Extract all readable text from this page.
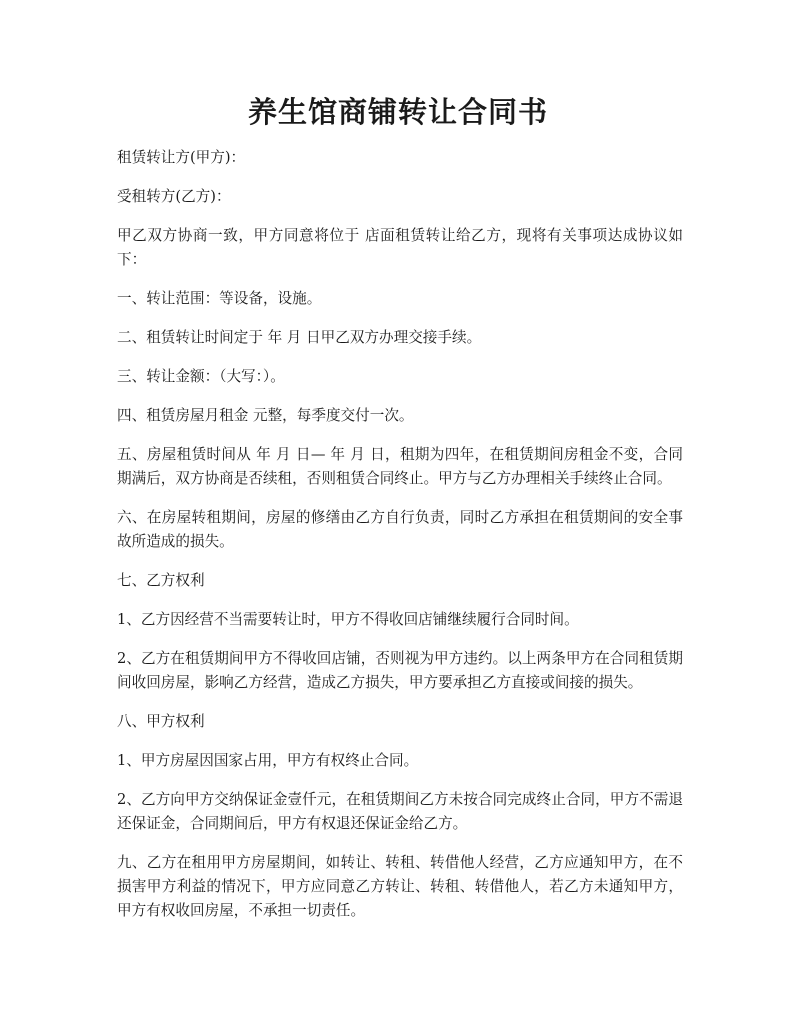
养生馆商铺转让合同书

租赁转让方(甲方)：

受租转方(乙方)：

甲乙双方协商一致，甲方同意将位于 店面租赁转让给乙方，现将有关事项达成协议如下：

一、转让范围：等设备，设施。

二、租赁转让时间定于 年 月 日甲乙双方办理交接手续。

三、转让金额：（大写：）。

四、租赁房屋月租金 元整，每季度交付一次。

五、房屋租赁时间从 年 月 日— 年 月 日，租期为四年，在租赁期间房租金不变，合同期满后，双方协商是否续租，否则租赁合同终止。甲方与乙方办理相关手续终止合同。

六、在房屋转租期间，房屋的修缮由乙方自行负责，同时乙方承担在租赁期间的安全事故所造成的损失。

七、乙方权利

1、乙方因经营不当需要转让时，甲方不得收回店铺继续履行合同时间。

2、乙方在租赁期间甲方不得收回店铺，否则视为甲方违约。以上两条甲方在合同租赁期间收回房屋，影响乙方经营，造成乙方损失，甲方要承担乙方直接或间接的损失。

八、甲方权利

1、甲方房屋因国家占用，甲方有权终止合同。

2、乙方向甲方交纳保证金壹仟元，在租赁期间乙方未按合同完成终止合同，甲方不需退还保证金，合同期间后，甲方有权退还保证金给乙方。

九、乙方在租用甲方房屋期间，如转让、转租、转借他人经营，乙方应通知甲方，在不损害甲方利益的情况下，甲方应同意乙方转让、转租、转借他人，若乙方未通知甲方，甲方有权收回房屋，不承担一切责任。
